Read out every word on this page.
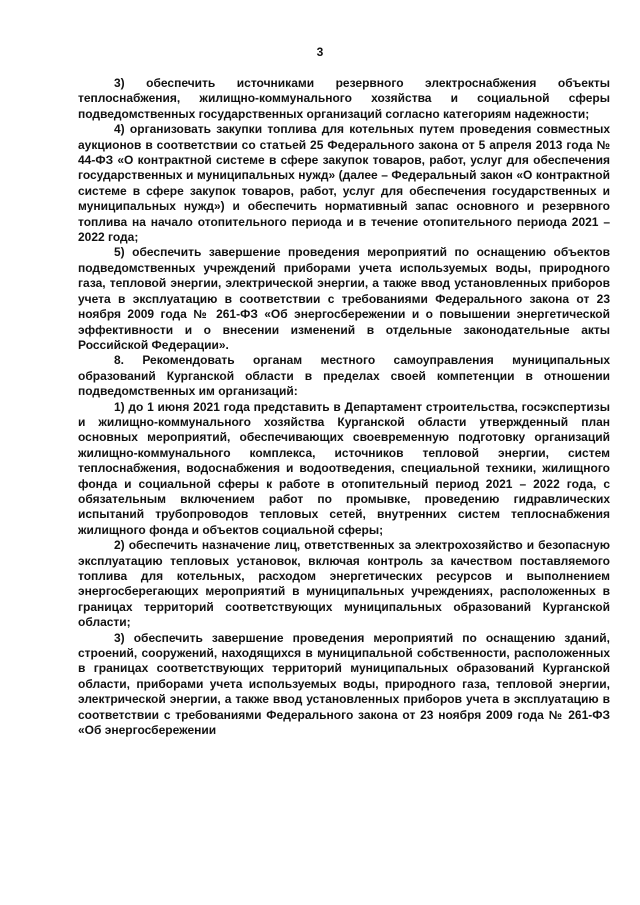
3

3) обеспечить источниками резервного электроснабжения объекты теплоснабжения, жилищно-коммунального хозяйства и социальной сферы подведомственных государственных организаций согласно категориям надежности;

4) организовать закупки топлива для котельных путем проведения совместных аукционов в соответствии со статьей 25 Федерального закона от 5 апреля 2013 года № 44-ФЗ «О контрактной системе в сфере закупок товаров, работ, услуг для обеспечения государственных и муниципальных нужд» (далее – Федеральный закон «О контрактной системе в сфере закупок товаров, работ, услуг для обеспечения государственных и муниципальных нужд») и обеспечить нормативный запас основного и резервного топлива на начало отопительного периода и в течение отопительного периода 2021 – 2022 года;

5) обеспечить завершение проведения мероприятий по оснащению объектов подведомственных учреждений приборами учета используемых воды, природного газа, тепловой энергии, электрической энергии, а также ввод установленных приборов учета в эксплуатацию в соответствии с требованиями Федерального закона от 23 ноября 2009 года № 261-ФЗ «Об энергосбережении и о повышении энергетической эффективности и о внесении изменений в отдельные законодательные акты Российской Федерации».

8. Рекомендовать органам местного самоуправления муниципальных образований Курганской области в пределах своей компетенции в отношении подведомственных им организаций:

1) до 1 июня 2021 года представить в Департамент строительства, госэкспертизы и жилищно-коммунального хозяйства Курганской области утвержденный план основных мероприятий, обеспечивающих своевременную подготовку организаций жилищно-коммунального комплекса, источников тепловой энергии, систем теплоснабжения, водоснабжения и водоотведения, специальной техники, жилищного фонда и социальной сферы к работе в отопительный период 2021 – 2022 года, с обязательным включением работ по промывке, проведению гидравлических испытаний трубопроводов тепловых сетей, внутренних систем теплоснабжения жилищного фонда и объектов социальной сферы;

2) обеспечить назначение лиц, ответственных за электрохозяйство и безопасную эксплуатацию тепловых установок, включая контроль за качеством поставляемого топлива для котельных, расходом энергетических ресурсов и выполнением энергосберегающих мероприятий в муниципальных учреждениях, расположенных в границах территорий соответствующих муниципальных образований Курганской области;

3) обеспечить завершение проведения мероприятий по оснащению зданий, строений, сооружений, находящихся в муниципальной собственности, расположенных в границах соответствующих территорий муниципальных образований Курганской области, приборами учета используемых воды, природного газа, тепловой энергии, электрической энергии, а также ввод установленных приборов учета в эксплуатацию в соответствии с требованиями Федерального закона от 23 ноября 2009 года № 261-ФЗ «Об энергосбережении
